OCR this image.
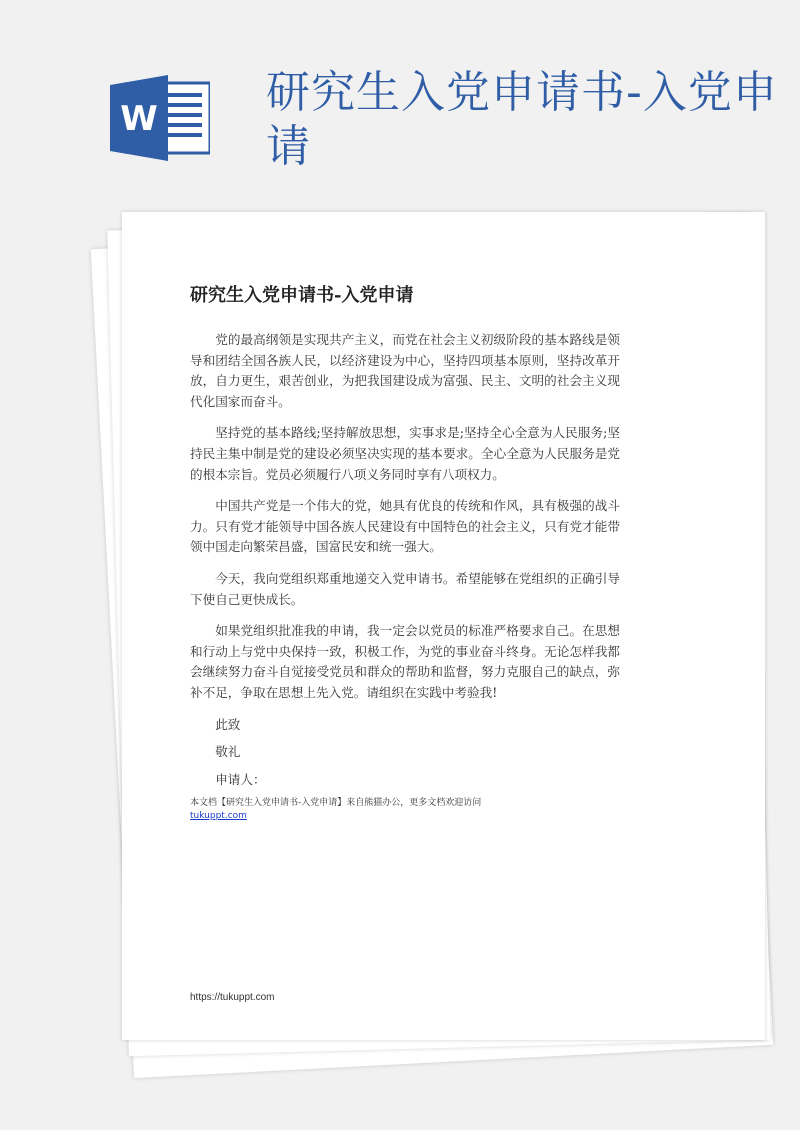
W
研究生入党申请书-入党申请
研究生入党申请书-入党申请

党的最高纲领是实现共产主义，而党在社会主义初级阶段的基本路线是领导和团结全国各族人民，以经济建设为中心，坚持四项基本原则，坚持改革开放，自力更生，艰苦创业，为把我国建设成为富强、民主、文明的社会主义现代化国家而奋斗。

坚持党的基本路线;坚持解放思想，实事求是;坚持全心全意为人民服务;坚持民主集中制是党的建设必须坚决实现的基本要求。全心全意为人民服务是党的根本宗旨。党员必须履行八项义务同时享有八项权力。

中国共产党是一个伟大的党，她具有优良的传统和作风，具有极强的战斗力。只有党才能领导中国各族人民建设有中国特色的社会主义，只有党才能带领中国走向繁荣昌盛，国富民安和统一强大。

今天，我向党组织郑重地递交入党申请书。希望能够在党组织的正确引导下使自己更快成长。

如果党组织批准我的申请，我一定会以党员的标准严格要求自己。在思想和行动上与党中央保持一致，积极工作，为党的事业奋斗终身。无论怎样我都会继续努力奋斗自觉接受党员和群众的帮助和监督，努力克服自己的缺点，弥补不足，争取在思想上先入党。请组织在实践中考验我!

此致

敬礼

申请人：

本文档【研究生入党申请书-入党申请】来自熊猫办公，更多文档欢迎访问
tukuppt.com
https://tukuppt.com
